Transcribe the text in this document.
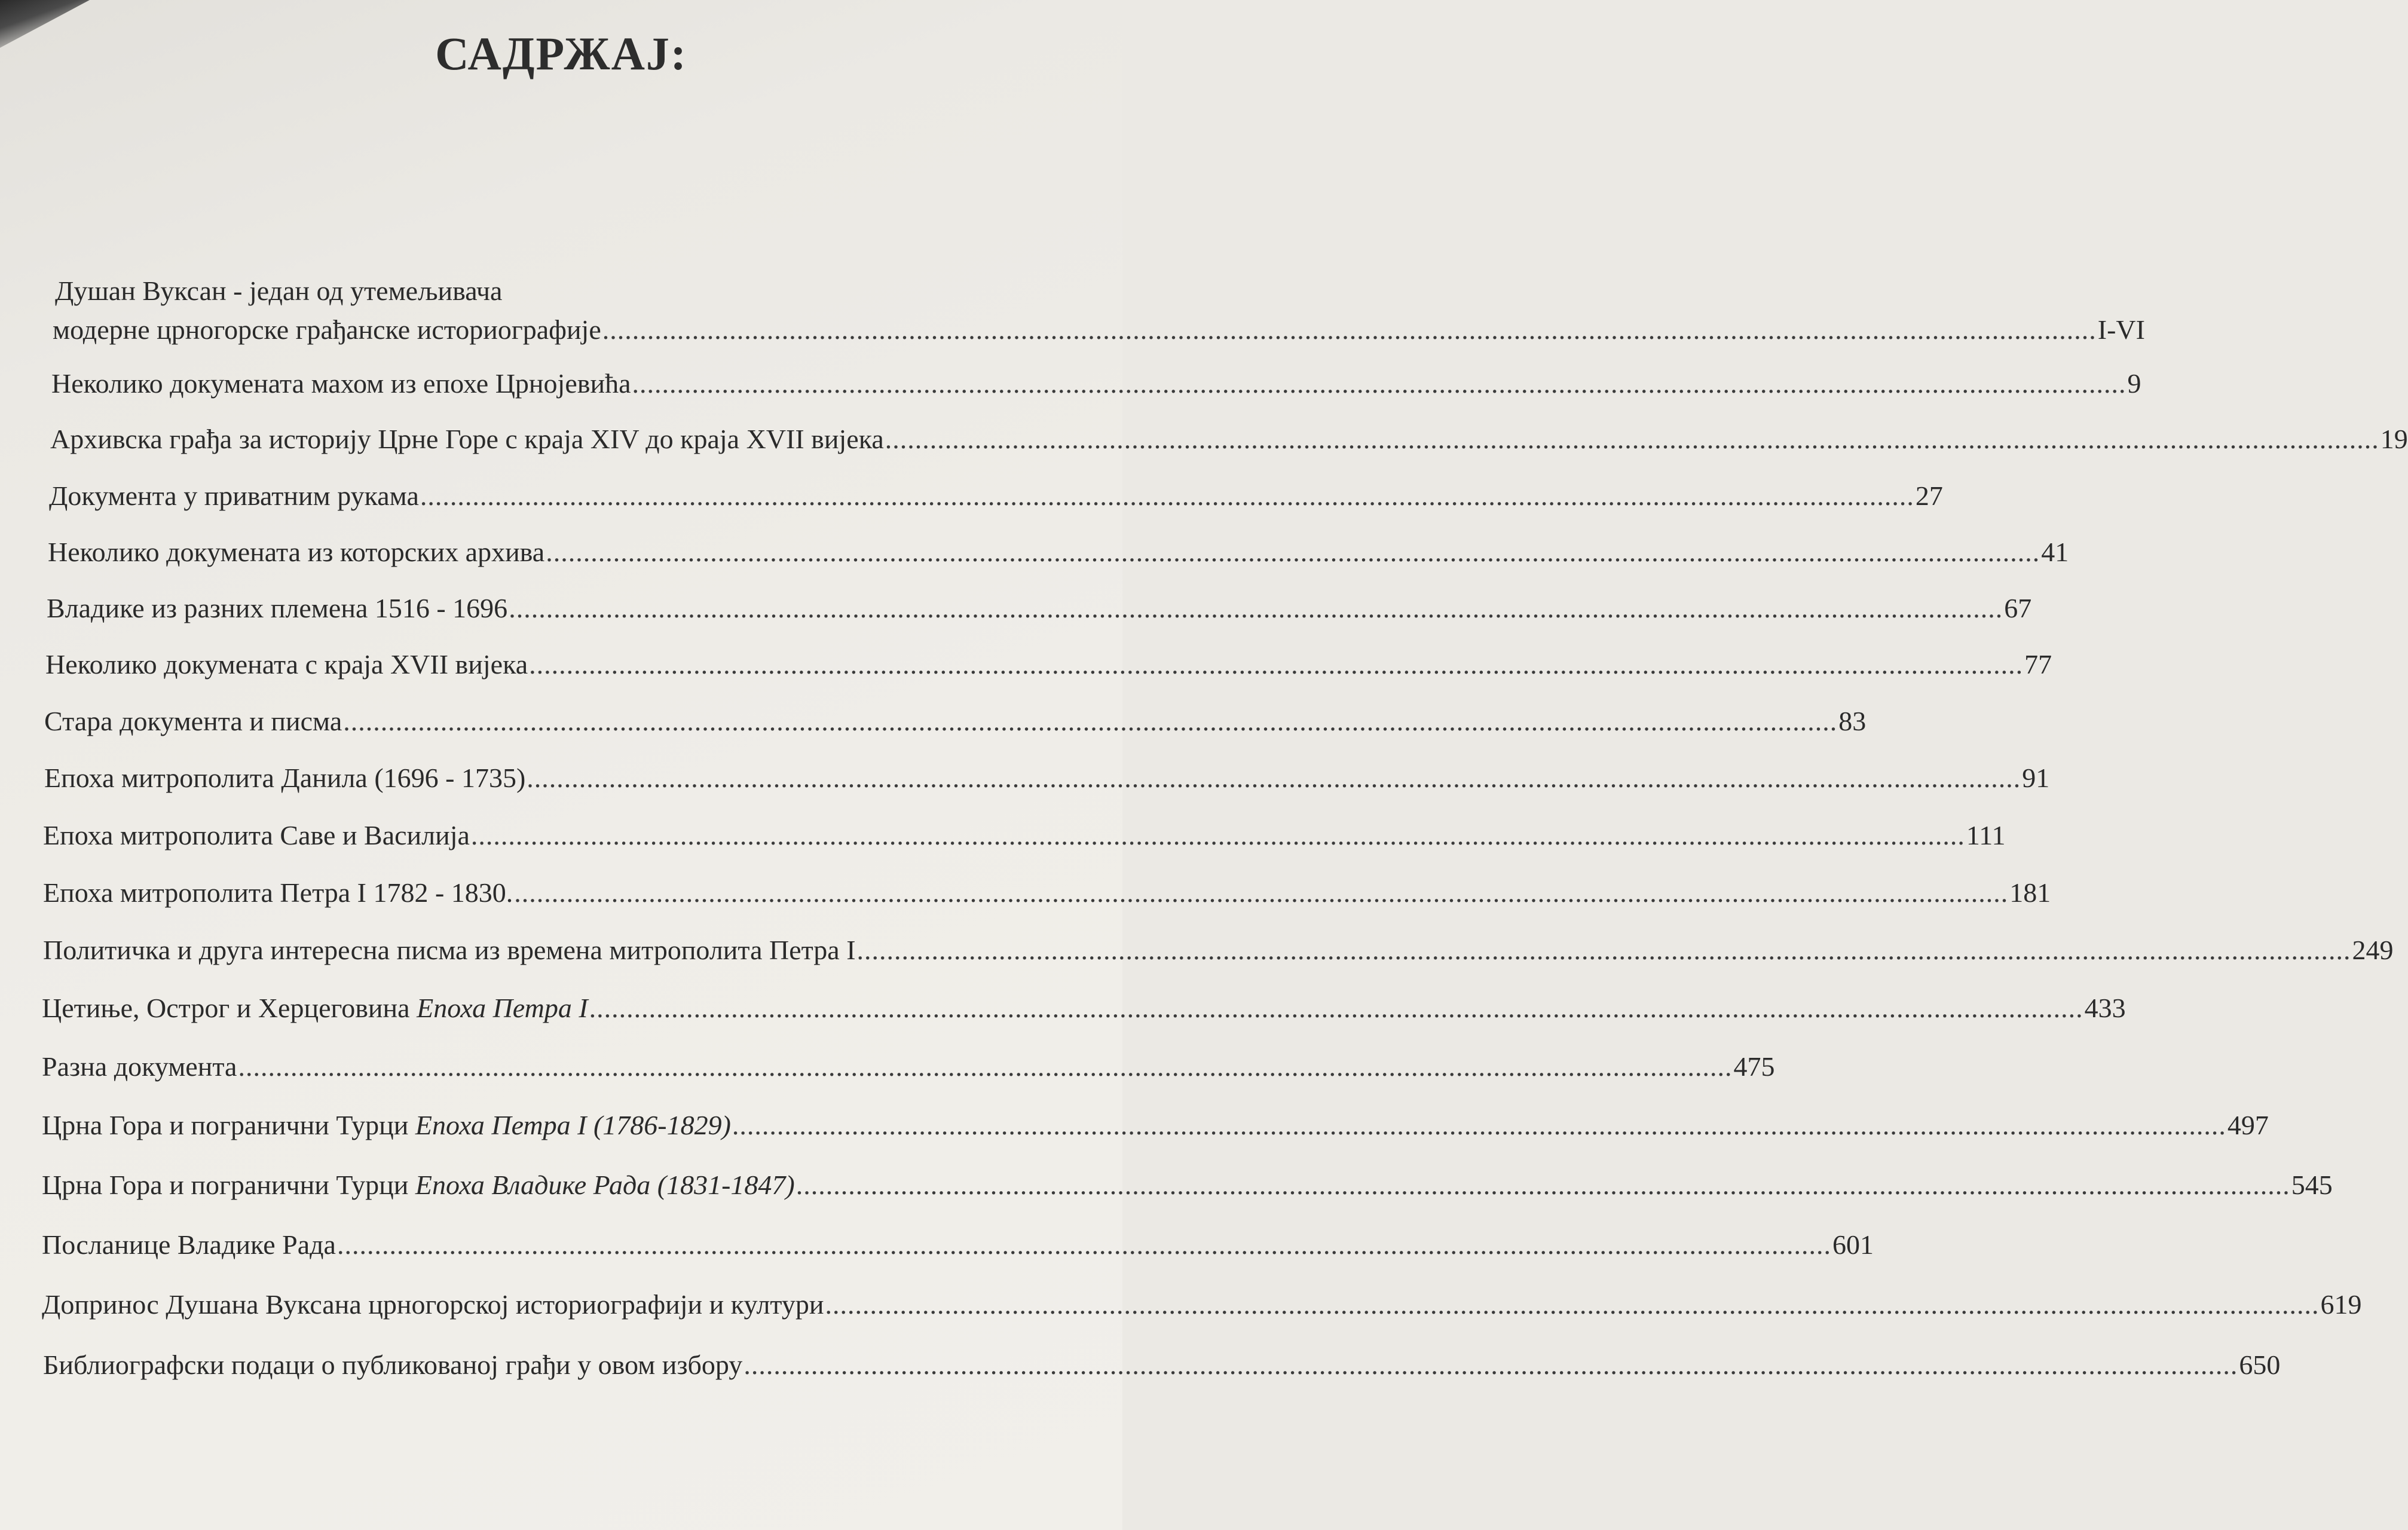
САДРЖАЈ:
Душан Вуксан - један од утемељивача
модерне црногорске грађанске историографије ........................................................................................................................................................................................................ I-VI
Неколико докумената махом из епохе Црнојевића ........................................................................................................................................................................................................ 9
Архивска грађа за историју Црне Горе с краја XIV до краја XVII вијека ........................................................................................................................................................................................................ 19
Документа у приватним рукама ........................................................................................................................................................................................................ 27
Неколико докумената из которских архива ........................................................................................................................................................................................................ 41
Владике из разних племена 1516 - 1696 ........................................................................................................................................................................................................ 67
Неколико докумената с краја XVII вијека ........................................................................................................................................................................................................ 77
Стара документа и писма ........................................................................................................................................................................................................ 83
Епоха митрополита Данила (1696 - 1735) ........................................................................................................................................................................................................ 91
Епоха митрополита Саве и Василија ........................................................................................................................................................................................................ 111
Епоха митрополита Петра I 1782 - 1830. ........................................................................................................................................................................................................ 181
Политичка и друга интересна писма из времена митрополита Петра I ........................................................................................................................................................................................................ 249
Цетиње, Острог и Херцеговина
Епоха Петра I ........................................................................................................................................................................................................ 433
Разна документа ........................................................................................................................................................................................................ 475
Црна Гора и погранични Турци
Епоха Петра I (1786-1829) ........................................................................................................................................................................................................ 497
Црна Гора и погранични Турци
Епоха Владике Рада (1831-1847) ........................................................................................................................................................................................................ 545
Посланице Владике Рада ........................................................................................................................................................................................................ 601
Допринос Душана Вуксана црногорској историографији и култури ........................................................................................................................................................................................................ 619
Библиографски подаци о публикованој грађи у овом избору ........................................................................................................................................................................................................ 650
